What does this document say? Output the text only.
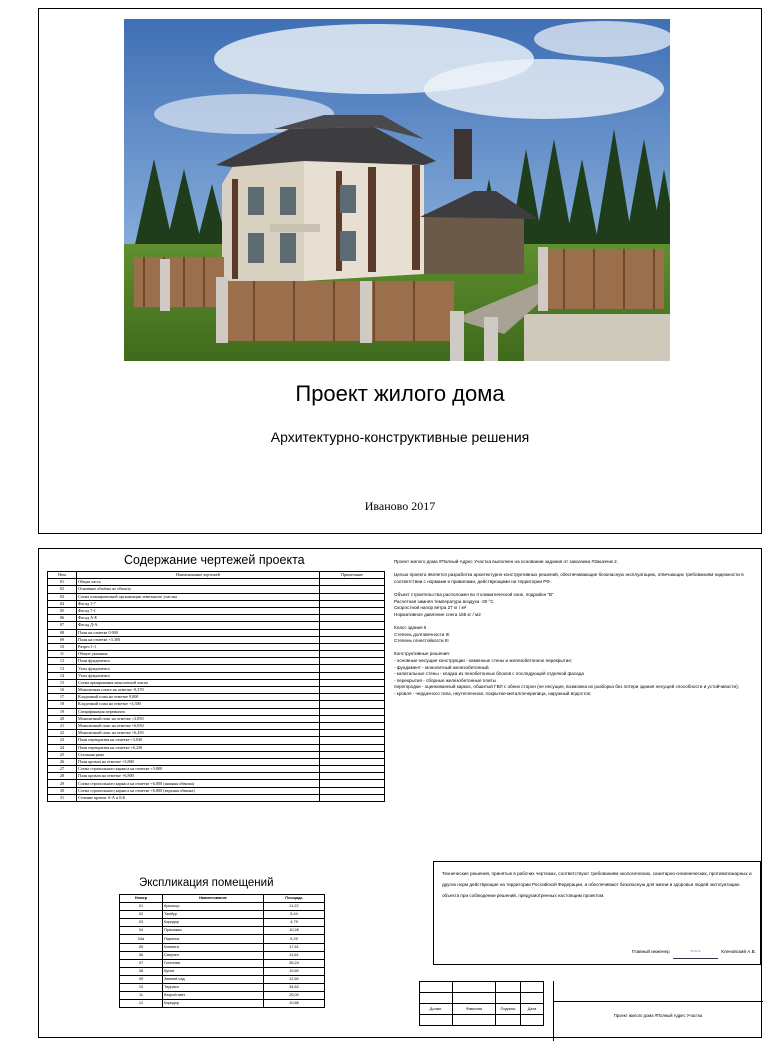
Проект жилого дома
Архитектурно-конструктивные решения
Иваново 2017
Содержание чертежей проекта
Ном	Наименование чертежей	Примечание
01	Общая часть	
02	Основные объёмы по объекту	
03	Схема планировочной организации земельного участка	
04	Фасад 1-7	
05	Фасад 7-1	
06	Фасад А-Е	
07	Фасад Д-А	
08	План на отметке 0.000	
09	План на отметке +3.300	
10	Разрез 1-1	
11	Общие указания	
12	План фундамента	
13	Узлы фундамента	
14	Узлы фундамента	
15	Схема армирования монолитной ленты	
16	Монолитная плита на отметке -0,370	
17	Кладочный план на отметке 0,000	
18	Кладочный план на отметке +3,300	
19	Спецификация перемычек	
20	Монолитный пояс на отметке +2,850	
21	Монолитный пояс на отметке +6,050	
22	Монолитный пояс на отметке +6,450	
23	План перекрытия на отметке +3,030	
24	План перекрытия на отметке +6,230	
25	Стальная рама	
26	План кровли на отметке +3,800	
27	Схема стропильного каркаса на отметке +3,800	
28	План кровли на отметке +6,800	
29	Схема стропильного каркаса на отметке +6,800 (нижняя обвязка)	
30	Схема стропильного каркаса на отметке +6,800 (верхняя обвязка)	
31	Сечение кровли А-А и Б-Б	
Экспликация помещений
Номер	Наименование	Площадь
01	Крыльцо	11,22
02	Тамбур	5,44
03	Коридор	4,79
04	Прихожая	10,28
04a	Парилка	5,29
05	Комната	17,41
06	Санузел	11,61
07	Гостиная	36,24
08	Кухня	19,60
09	Зимний сад	12,50
10	Терраса	34,62
11	Второй свет	25,00
12	Коридор	10,86

Проект жилого дома #Полный Адрес Участка выполнен на основании задания от заказчика #Заказчик 2.

Целью проекта является разработка архитектурно-конструктивных решений, обеспечивающие безопасную эксплуатацию, отвечающих требованиям надежности в соответствии с нормами и правилами, действующими на территории РФ.

Объект строительства расположен во II климатической зоне, подрайон "В"

Расчетная зимняя температура воздуха -30 °С

Скоростной напор ветра 27 кг / м²

Нормативное давление снега 165 кг / м2

Класс здания II

Степень долговечности III

Степень огнестойкости III

Конструктивные решения:

- основные несущие конструкции - каменные стены и железобетонное перекрытие;

- фундамент - монолитный железобетонный

- капитальные стены - кладка из пенобетонных блоков с последующей отделкой фасада

- перекрытия - сборные железобетонные плиты

перегородки - оцинкованный каркас, обшитый ГВЛ с обеих сторон (не несущие, возможна их разборка без потери здания несущей способности и устойчивости);

- кровля - чердачного типа, неутепленная, покрытие-металлочерепица, наружный водосток;

Технические решения, принятые в рабочих чертежах, соответствуют требованиям экологических, санитарно-гигиенических, противопожарных и других норм действующие на территории Российской Федерации, и обеспечивают безопасную для жизни и здоровья людей эксплуатацию объекта при соблюдении решений, предусмотренных настоящим проектом.
Главный инженер	~~~	Кленовский А.В.

Должн.	Фамилия	Подпись	Дата

Проект жилого дома #Полный Адрес Участка
